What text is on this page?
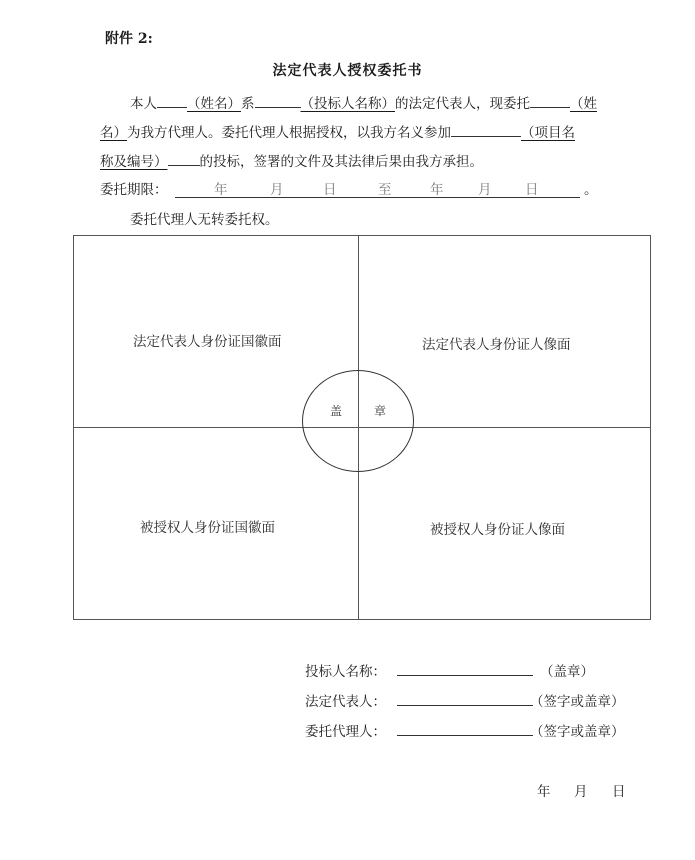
附件 2:
法定代表人授权委托书
本人 （姓名）系	（投标人名称）的法定代表人，现委托	（姓
名）为我方代理人。委托代理人根据授权，以我方名义参加	（项目名
称及编号） 的投标，签署的文件及其法律后果由我方承担。
委托期限：	年	月	日	至	年	月 日	。
委托代理人无转委托权。
法定代表人身份证国徽面	法定代表人身份证人像面
被授权人身份证国徽面	被授权人身份证人像面
盖	章
投标人名称：	（盖章）
法定代表人：	（签字或盖章）
委托代理人：	（签字或盖章）
年 月 日
